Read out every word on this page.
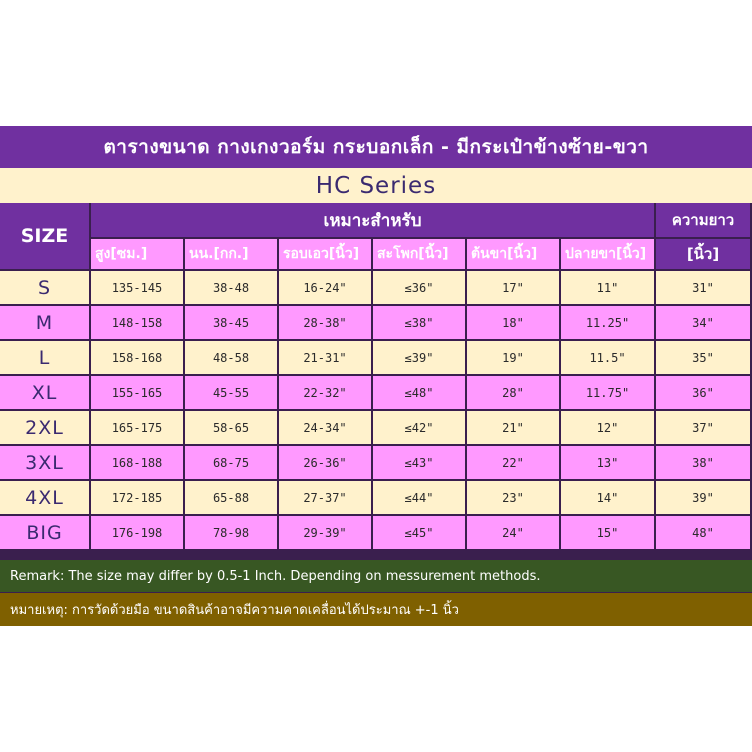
ตารางขนาด กางเกงวอร์ม กระบอกเล็ก - มีกระเป๋าข้างซ้าย-ขวา
HC Series
SIZE	เหมาะสำหรับ						ความยาว
	สูง[ซม.]	นน.[กก.]	รอบเอว[นิ้ว]	สะโพก[นิ้ว]	ต้นขา[นิ้ว]	ปลายขา[นิ้ว]	[นิ้ว]
S	135-145	38-48	16-24"	≤36"	17"	11"	31"
M	148-158	38-45	28-38"	≤38"	18"	11.25"	34"
L	158-168	48-58	21-31"	≤39"	19"	11.5"	35"
XL	155-165	45-55	22-32"	≤48"	28"	11.75"	36"
2XL	165-175	58-65	24-34"	≤42"	21"	12"	37"
3XL	168-188	68-75	26-36"	≤43"	22"	13"	38"
4XL	172-185	65-88	27-37"	≤44"	23"	14"	39"
BIG	176-198	78-98	29-39"	≤45"	24"	15"	48"
Remark: The size may differ by 0.5-1 Inch. Depending on messurement methods.
หมายเหตุ: การวัดด้วยมือ ขนาดสินค้าอาจมีความคาดเคลื่อนได้ประมาณ +-1 นิ้ว
